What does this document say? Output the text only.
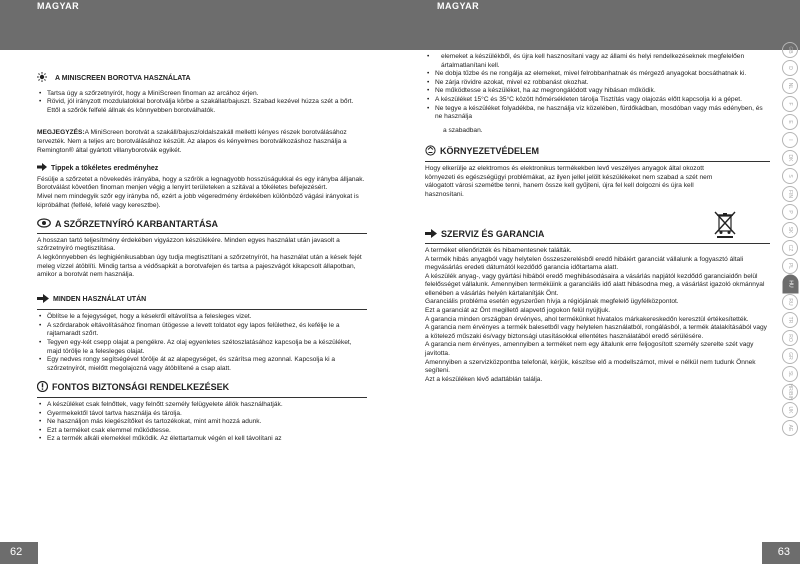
MAGYAR	MAGYAR
A MINISCREEN BOROTVA HASZNÁLATA
• Tartsa úgy a szőrzetnyírót, hogy a MiniScreen finoman az arcához érjen.
• Rövid, jól irányzott mozdulatokkal borotválja körbe a szakállat/bajuszt. Szabad kezével húzza szét a bőrt. Ettől a szőrök felfelé állnak és könnyebben borotválhatók.

MEGJEGYZÉS:A MiniScreen borotvát a szakáll/bajusz/oldalszakáll melletti kényes részek borotválásához tervezték. Nem a teljes arc borotválásához készült. Az alapos és kényelmes borotválkozáshoz használja a Remington® által gyártott villanyborotvák egyikét.

Tippek a tökéletes eredményhez

Fésülje a szőrzetet a növekedés irányába, hogy a szőrök a legnagyobb hosszúságukkal és egy irányba álljanak.

Borotválást követően finoman menjen végig a lenyírt területeken a szitával a tökéletes befejezésért.

Mivel nem mindegyik szőr egy irányba nő, ezért a jobb végeredmény érdekében különböző vágási irányokat is kipróbálhat (felfelé, lefelé vagy keresztbe).

A SZŐRZETNYÍRÓ KARBANTARTÁSA

A hosszan tartó teljesítmény érdekében vigyázzon készülékére. Minden egyes használat után javasolt a szőrzetnyíró megtisztítása.

A legkönnyebben és leghigiénikusabban úgy tudja megtisztítani a szőrzetnyírót, ha használat után a kések fejét meleg vízzel átöblíti. Mindig tartsa a védősapkát a borotvafejen és tartsa a pajeszvágót kikapcsolt állapotban, amikor a borotvát nem használja.

MINDEN HASZNÁLAT UTÁN
• Öblítse le a fejegységet, hogy a késekről eltávolítsa a felesleges vizet.
• A szőrdarabok eltávolításához finoman ütögesse a levett toldatot egy lapos felülethez, és kefélje le a rajtamaradt szőrt.
• Tegyen egy-két csepp olajat a pengékre. Az olaj egyenletes szétoszlatásához kapcsolja be a készüléket, majd törölje le a felesleges olajat.
• Egy nedves rongy segítségével törölje át az alapegységet, és szárítsa meg azonnal. Kapcsolja ki a szőrzetnyírót, mielőtt megolajozná vagy átöblítené a csap alatt.
FONTOS BIZTONSÁGI RENDELKEZÉSEK
• A készüléket csak felnőttek, vagy felnőtt személy felügyelete állók használhatják.
• Gyermekektől távol tartva használja és tárolja.
• Ne használjon más kiegészítőket és tartozékokat, mint amit hozzá adunk.
• Ezt a terméket csak elemmel működtesse.
• Ez a termék alkáli elemekkel működik. Az élettartamuk végén el kell távolítani az
• elemeket a készülékből, és újra kell hasznosítani vagy az állami és helyi rendelkezéseknek megfelelően ártalmatlanítani kell.
• Ne dobja tűzbe és ne rongálja az elemeket, mivel felrobbanhatnak és mérgező anyagokat bocsáthatnak ki.
• Ne zárja rövidre azokat, mivel ez robbanást okozhat.
• Ne működtesse a készüléket, ha az megrongálódott vagy hibásan működik.
• A készüléket 15°C és 35°C között hőmérsékleten tárolja Tisztítás vagy olajozás előtt kapcsolja ki a gépet.
• Ne tegye a készüléket folyadékba, ne használja víz közelében, fürdőkádban, mosdóban vagy más edényben, és ne használja

a szabadban.

KÖRNYEZETVÉDELEM

Hogy elkerülje az elektromos és elektronikus termékekben levő veszélyes anyagok által okozott környezeti és egészségügyi problémákat, az ilyen jellel jelölt készülékeket nem szabad a szét nem válogatott városi szemétbe tenni, hanem össze kell gyűjteni, újra fel kell dolgozni és újra kell hasznosítani.

SZERVIZ ÉS GARANCIA

A terméket ellenőrizték és hibamentesnek találták.

A termék hibás anyagból vagy helytelen összeszerelésből eredő hibáiért garanciát vállalunk a fogyasztó általi megvásárlás eredeti dátumától kezdődő garancia időtartama alatt.

A készülék anyag-, vagy gyártási hibából eredő meghibásodásaira a vásárlás napjától kezdődő garanciaidőn belül felelősséget vállalunk. Amennyiben terméküink a garanciális idő alatt hibásodna meg, a vásárlást igazoló okmánnyal ellenében a vásárlás helyén kártalanítják Önt.

Garanciális probléma esetén egyszerűen hívja a régiójának megfelelő ügyfélközpontot.

Ezt a garanciát az Önt megillető alapvető jogokon felül nyújtjuk.

A garancia minden országban érvényes, ahol termékünket hivatalos márkakereskedőn keresztül értékesítették.

A garancia nem érvényes a termék balesetből vagy helytelen használatból, rongálásból, a termék átalakításából vagy a kötelező műszaki és/vagy biztonsági utasításokkal ellentétes használatából eredő sérülésére.

A garancia nem érvényes, amennyiben a terméket nem egy általunk erre feljogosított személy szerelte szét vagy javította.

Amennyiben a szervizközpontba telefonál, kérjük, készítse elő a modellszámot, mivel e nélkül nem tudunk Önnek segíteni.

Azt a készüléken lévő adattáblán találja.

GB
D
NL
F
E
I
DK
S
FIN
P
SK
CZ
PL
HU
RU
TR
RO
GR
SL
HR/BIH
UK
AE
62	63
